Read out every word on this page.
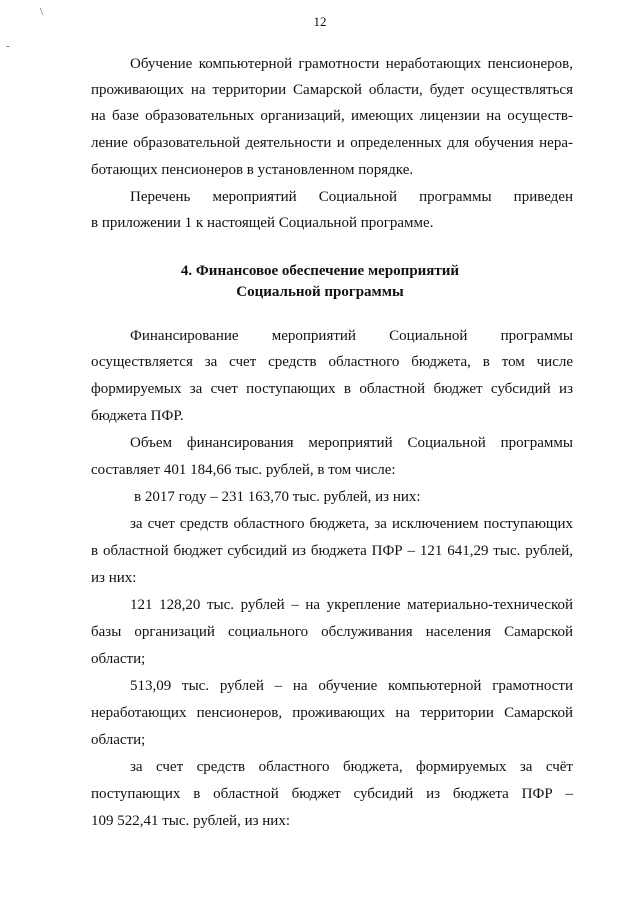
\
-
12
Обучение компьютерной грамотности неработающих пенсионеров,
проживающих на территории Самарской области, будет осуществляться
на базе образовательных организаций, имеющих лицензии на осуществ-
ление образовательной деятельности и определенных для обучения нера-
ботающих пенсионеров в установленном порядке.
Перечень мероприятий Социальной программы приведен
в приложении 1 к настоящей Социальной программе.
4. Финансовое обеспечение мероприятий
Социальной программы
Финансирование мероприятий Социальной программы
осуществляется за счет средств областного бюджета, в том числе
формируемых за счет поступающих в областной бюджет субсидий из
бюджета ПФР.
Объем финансирования мероприятий Социальной программы
составляет 401 184,66 тыс. рублей, в том числе:
в 2017 году – 231 163,70 тыс. рублей, из них:
за счет средств областного бюджета, за исключением поступающих
в областной бюджет субсидий из бюджета ПФР – 121 641,29 тыс. рублей,
из них:
121 128,20 тыс. рублей – на укрепление материально-технической
базы организаций социального обслуживания населения Самарской
области;
513,09 тыс. рублей – на обучение компьютерной грамотности
неработающих пенсионеров, проживающих на территории Самарской
области;
за счет средств областного бюджета, формируемых за счёт
поступающих в областной бюджет субсидий из бюджета ПФР –
109 522,41 тыс. рублей, из них:
